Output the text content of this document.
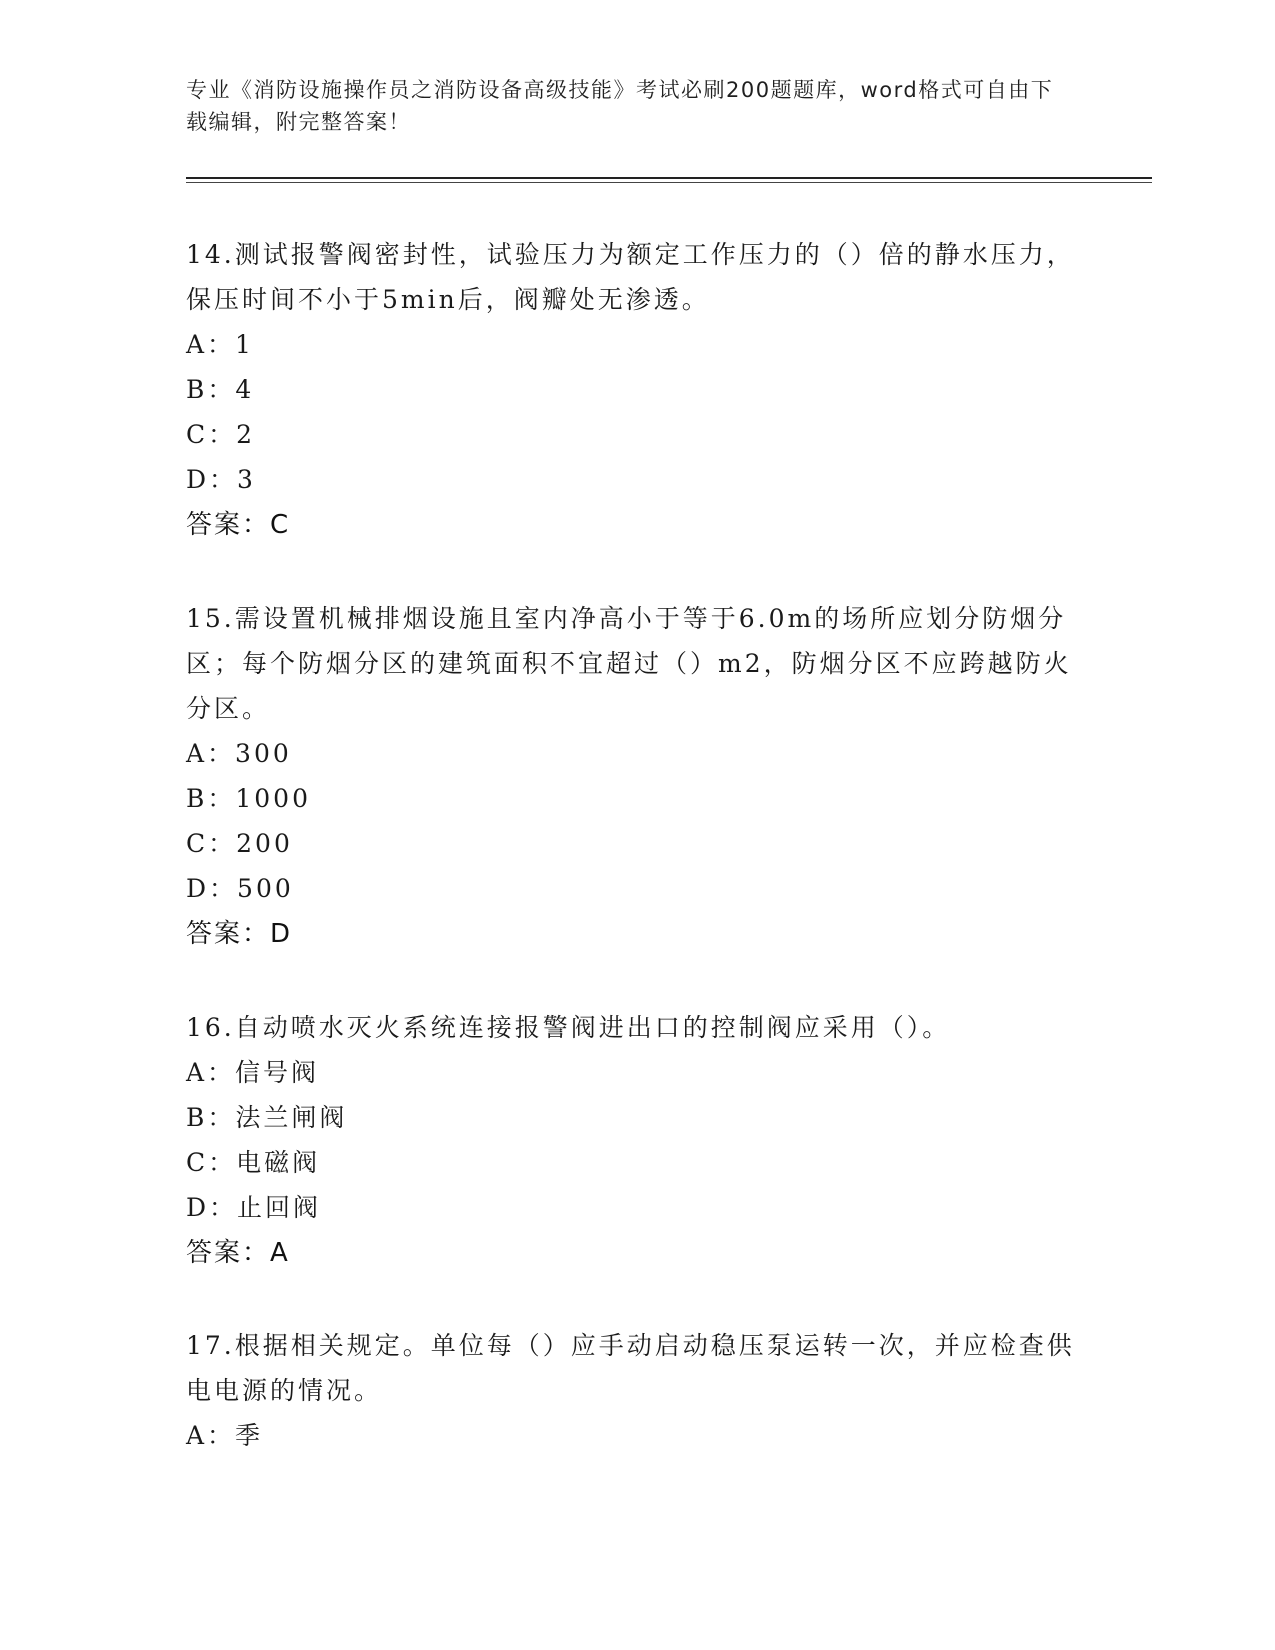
专业《消防设施操作员之消防设备高级技能》考试必刷200题题库，word格式可自由下载编辑，附完整答案！

14.测试报警阀密封性，试验压力为额定工作压力的（）倍的静水压力，保压时间不小于5min后，阀瓣处无渗透。

A：1
B：4
C：2
D：3
答案：C

15.需设置机械排烟设施且室内净高小于等于6.0m的场所应划分防烟分区；每个防烟分区的建筑面积不宜超过（）m2，防烟分区不应跨越防火分区。

A：300
B：1000
C：200
D：500
答案：D

16.自动喷水灭火系统连接报警阀进出口的控制阀应采用（）。

A：信号阀
B：法兰闸阀
C：电磁阀
D：止回阀
答案：A

17.根据相关规定。单位每（）应手动启动稳压泵运转一次，并应检查供电电源的情况。

A：季
